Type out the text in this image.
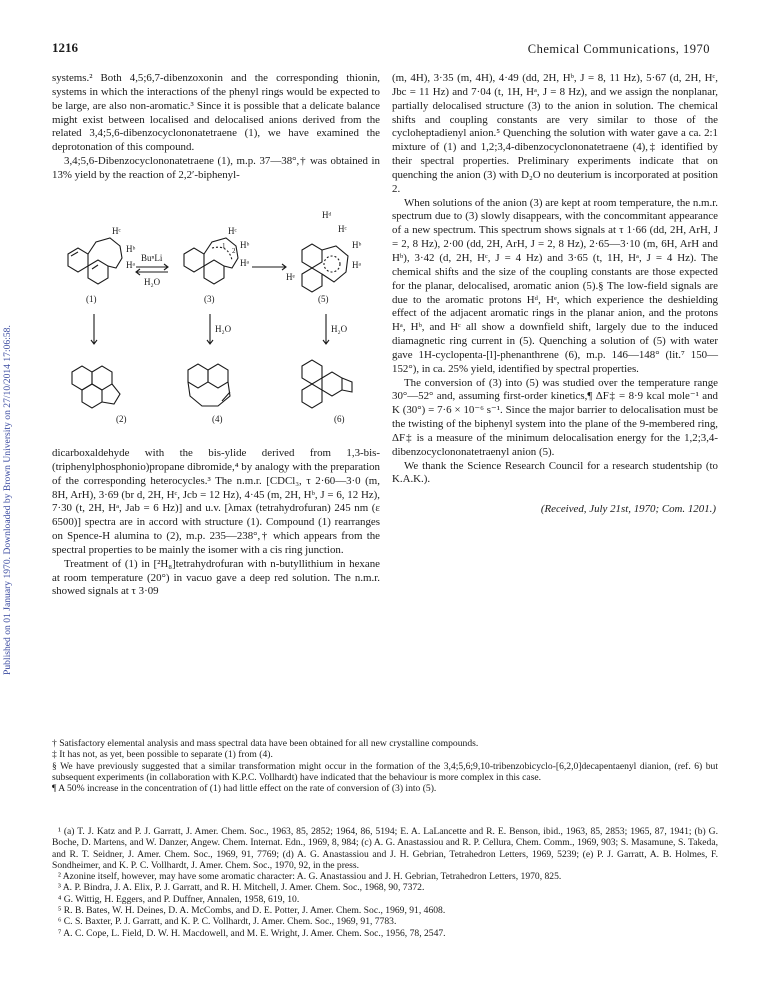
Published on 01 January 1970. Downloaded by Brown University on 27/10/2014 17:06:58.
1216	Chemical Communications, 1970

systems.² Both 4,5;6,7-dibenzoxonin and the corresponding thionin, systems in which the interactions of the phenyl rings would be expected to be large, are also non-aromatic.³ Since it is possible that a delicate balance might exist between localised and delocalised anions derived from the related 3,4;5,6-dibenzocyclononatetraene (1), we have examined the deprotonation of this compound.

3,4;5,6-Dibenzocyclononatetraene (1), m.p. 37—38°,† was obtained in 13% yield by the reaction of 2,2′-biphenyl-

Hᶜ
Hᵇ
Hᵃ
BuⁿLi
H₂O
Hᶜ
Hᵇ
Hᵃ
1
2
Hᵈ
Hᶜ
Hᵇ
Hᵃ
Hᵉ
H₂O	H₂O
(1)	(3)	(5)
(2)	(4)	(6)

dicarboxaldehyde with the bis-ylide derived from 1,3-bis-(triphenylphosphonio)propane dibromide,⁴ by analogy with the preparation of the corresponding heterocycles.³ The n.m.r. [CDCl₃, τ 2·60—3·0 (m, 8H, ArH), 3·69 (br d, 2H, Hᶜ, Jcb = 12 Hz), 4·45 (m, 2H, Hᵇ, J = 6, 12 Hz), 7·30 (t, 2H, Hᵃ, Jab = 6 Hz)] and u.v. [λmax (tetrahydrofuran) 245 nm (ε 6500)] spectra are in accord with structure (1). Compound (1) rearranges on Spence-H alumina to (2), m.p. 235—238°,† which appears from the spectral properties to be mainly the isomer with a cis ring junction.

Treatment of (1) in [²H₈]tetrahydrofuran with n-butyllithium in hexane at room temperature (20°) in vacuo gave a deep red solution. The n.m.r. showed signals at τ 3·09

(m, 4H), 3·35 (m, 4H), 4·49 (dd, 2H, Hᵇ, J = 8, 11 Hz), 5·67 (d, 2H, Hᶜ, Jbc = 11 Hz) and 7·04 (t, 1H, Hᵃ, J = 8 Hz), and we assign the nonplanar, partially delocalised structure (3) to the anion in solution. The chemical shifts and coupling constants are very similar to those of the cycloheptadienyl anion.⁵ Quenching the solution with water gave a ca. 2:1 mixture of (1) and 1,2;3,4-dibenzocyclononatetraene (4),‡ identified by their spectral properties. Preliminary experiments indicate that on quenching the anion (3) with D₂O no deuterium is incorporated at position 2.

When solutions of the anion (3) are kept at room temperature, the n.m.r. spectrum due to (3) slowly disappears, with the concommitant appearance of a new spectrum. This spectrum shows signals at τ 1·66 (dd, 2H, ArH, J = 2, 8 Hz), 2·00 (dd, 2H, ArH, J = 2, 8 Hz), 2·65—3·10 (m, 6H, ArH and Hᵇ), 3·42 (d, 2H, Hᶜ, J = 4 Hz) and 3·65 (t, 1H, Hᵃ, J = 4 Hz). The chemical shifts and the size of the coupling constants are those expected for the planar, delocalised, aromatic anion (5).§ The low-field signals are due to the aromatic protons Hᵈ, Hᵉ, which experience the deshielding effect of the adjacent aromatic rings in the planar anion, and the protons Hᵃ, Hᵇ, and Hᶜ all show a downfield shift, largely due to the induced diamagnetic ring current in (5). Quenching a solution of (5) with water gave 1H-cyclopenta-[l]-phenanthrene (6), m.p. 146—148° (lit.⁷ 150—152°), in ca. 25% yield, identified by spectral properties.

The conversion of (3) into (5) was studied over the temperature range 30°—52° and, assuming first-order kinetics,¶ ΔF‡ = 8·9 kcal mole⁻¹ and K (30°) = 7·6 × 10⁻⁶ s⁻¹. Since the major barrier to delocalisation must be the twisting of the biphenyl system into the plane of the 9-membered ring, ΔF‡ is a measure of the minimum delocalisation energy for the 1,2;3,4-dibenzocyclononatetraenyl anion (5).

We thank the Science Research Council for a research studentship (to K.A.K.).

(Received, July 21st, 1970; Com. 1201.)

† Satisfactory elemental analysis and mass spectral data have been obtained for all new crystalline compounds.

‡ It has not, as yet, been possible to separate (1) from (4).

§ We have previously suggested that a similar transformation might occur in the formation of the 3,4;5,6;9,10-tribenzobicyclo-[6,2,0]decapentaenyl dianion, (ref. 6) but subsequent experiments (in collaboration with K.P.C. Vollhardt) have indicated that the behaviour is more complex in this case.

¶ A 50% increase in the concentration of (1) had little effect on the rate of conversion of (3) into (5).

¹ (a) T. J. Katz and P. J. Garratt, J. Amer. Chem. Soc., 1963, 85, 2852; 1964, 86, 5194; E. A. LaLancette and R. E. Benson, ibid., 1963, 85, 2853; 1965, 87, 1941; (b) G. Boche, D. Martens, and W. Danzer, Angew. Chem. Internat. Edn., 1969, 8, 984; (c) A. G. Anastassiou and R. P. Cellura, Chem. Comm., 1969, 903; S. Masamune, S. Takeda, and R. T. Seidner, J. Amer. Chem. Soc., 1969, 91, 7769; (d) A. G. Anastassiou and J. H. Gebrian, Tetrahedron Letters, 1969, 5239; (e) P. J. Garratt, A. B. Holmes, F. Sondheimer, and K. P. C. Vollhardt, J. Amer. Chem. Soc., 1970, 92, in the press.

² Azonine itself, however, may have some aromatic character: A. G. Anastassiou and J. H. Gebrian, Tetrahedron Letters, 1970, 825.

³ A. P. Bindra, J. A. Elix, P. J. Garratt, and R. H. Mitchell, J. Amer. Chem. Soc., 1968, 90, 7372.

⁴ G. Wittig, H. Eggers, and P. Duffner, Annalen, 1958, 619, 10.

⁵ R. B. Bates, W. H. Deines, D. A. McCombs, and D. E. Potter, J. Amer. Chem. Soc., 1969, 91, 4608.

⁶ C. S. Baxter, P. J. Garratt, and K. P. C. Vollhardt, J. Amer. Chem. Soc., 1969, 91, 7783.

⁷ A. C. Cope, L. Field, D. W. H. Macdowell, and M. E. Wright, J. Amer. Chem. Soc., 1956, 78, 2547.
